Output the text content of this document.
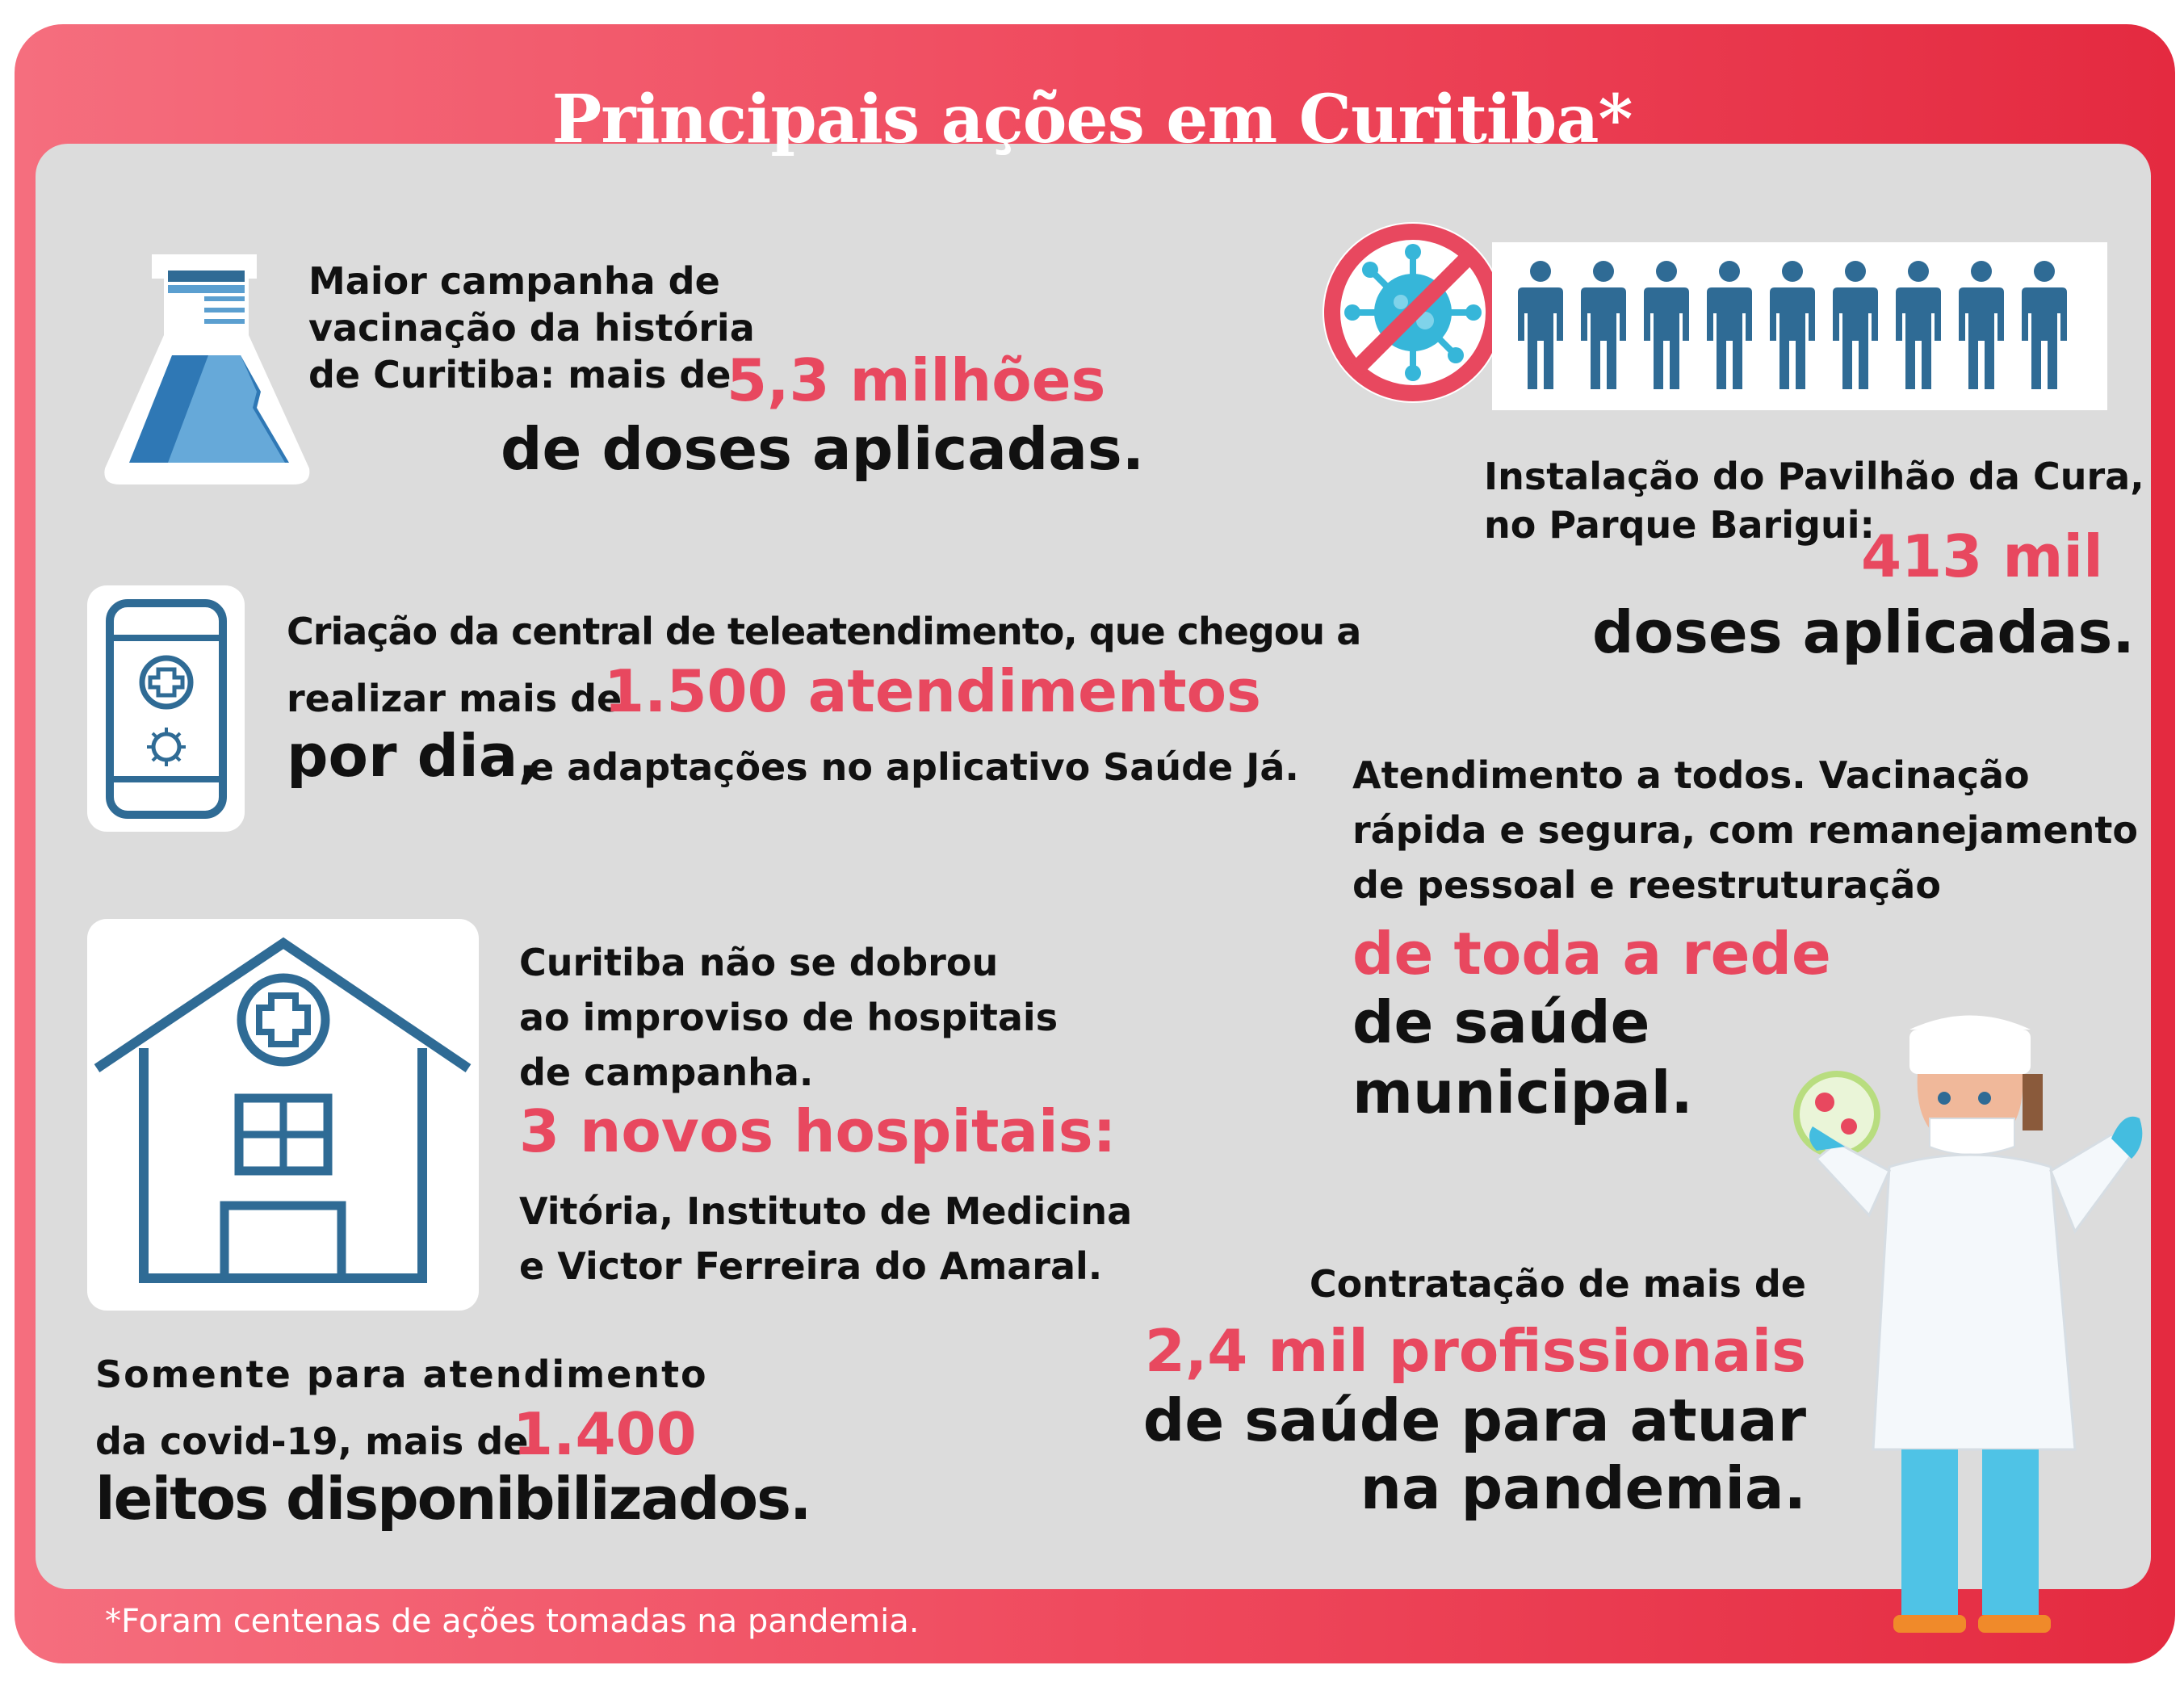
Principais ações em Curitiba*
Maior campanha de
vacinação da história
de Curitiba: mais de
5,3 milhões
de doses aplicadas.
Criação da central de teleatendimento, que chegou a
realizar mais de
1.500 atendimentos
por dia,
e adaptações no aplicativo Saúde Já.
Curitiba não se dobrou
ao improviso de hospitais
de campanha.
3 novos hospitais:
Vitória, Instituto de Medicina
e Victor Ferreira do Amaral.
Somente para atendimento
da covid-19, mais de
1.400
leitos disponibilizados.
Instalação do Pavilhão da Cura,
no Parque Barigui:
413 mil
doses aplicadas.
Atendimento a todos. Vacinação
rápida e segura, com remanejamento
de pessoal e reestruturação
de toda a rede
de saúde
municipal.
Contratação de mais de
2,4 mil profissionais
de saúde para atuar
na pandemia.
*Foram centenas de ações tomadas na pandemia.
